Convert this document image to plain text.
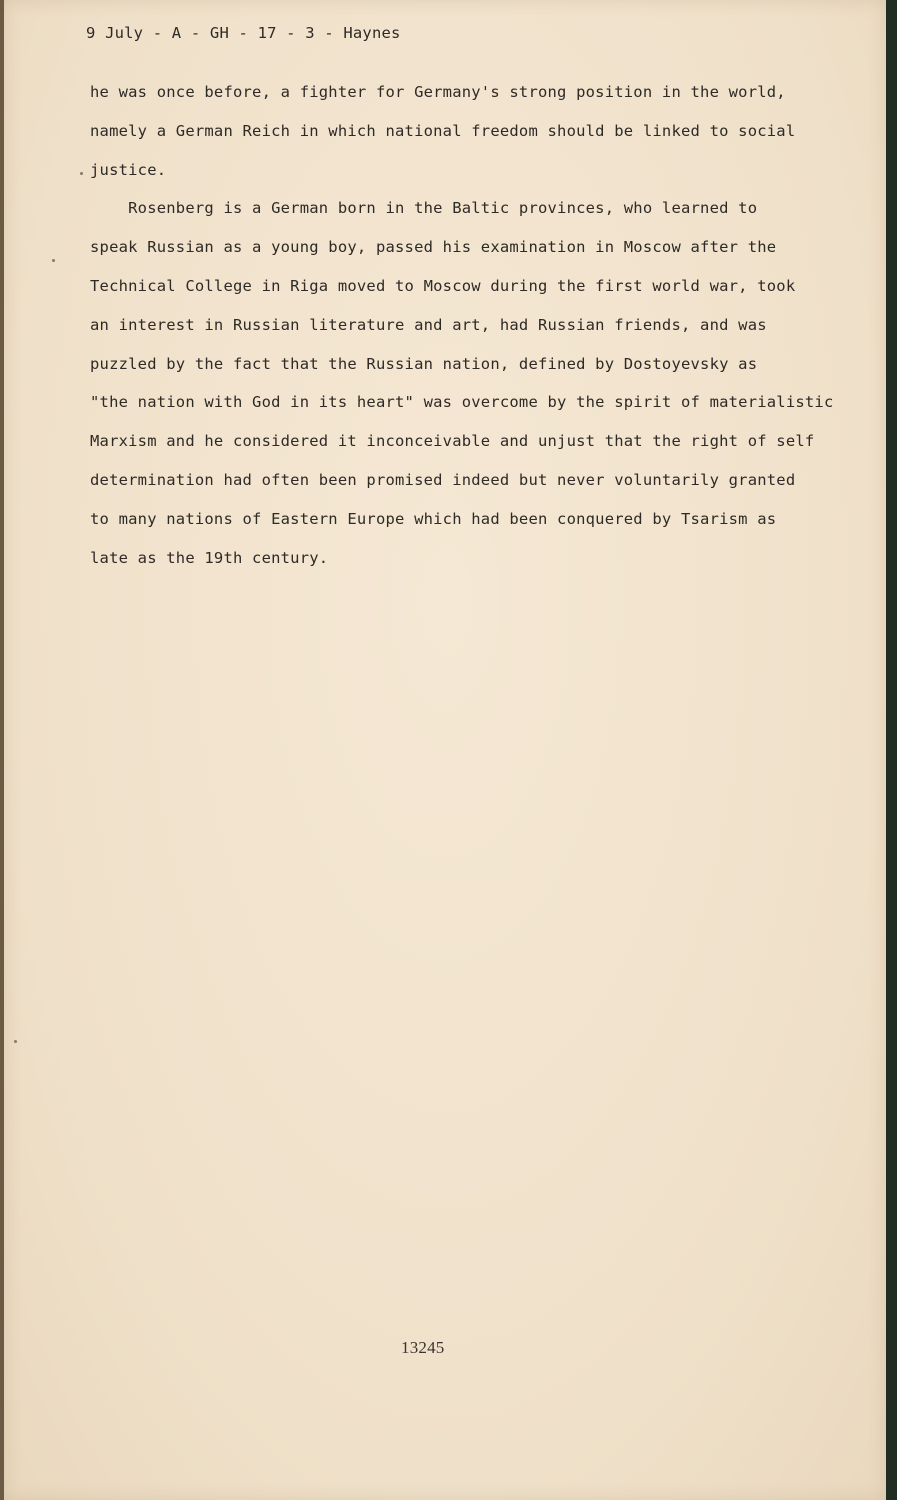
9 July - A - GH - 17 - 3 - Haynes

he was once before, a fighter for Germany's strong position in the world,

namely a German Reich in which national freedom should be linked to social

justice.

Rosenberg is a German born in the Baltic provinces, who learned to

speak Russian as a young boy, passed his examination in Moscow after the

Technical College in Riga moved to Moscow during the first world war, took

an interest in Russian literature and art, had Russian friends, and was

puzzled by the fact that the Russian nation, defined by Dostoyevsky as

"the nation with God in its heart" was overcome by the spirit of materialistic

Marxism and he considered it inconceivable and unjust that the right of self

determination had often been promised indeed but never voluntarily granted

to many nations of Eastern Europe which had been conquered by Tsarism as

late as the 19th century.

13245
